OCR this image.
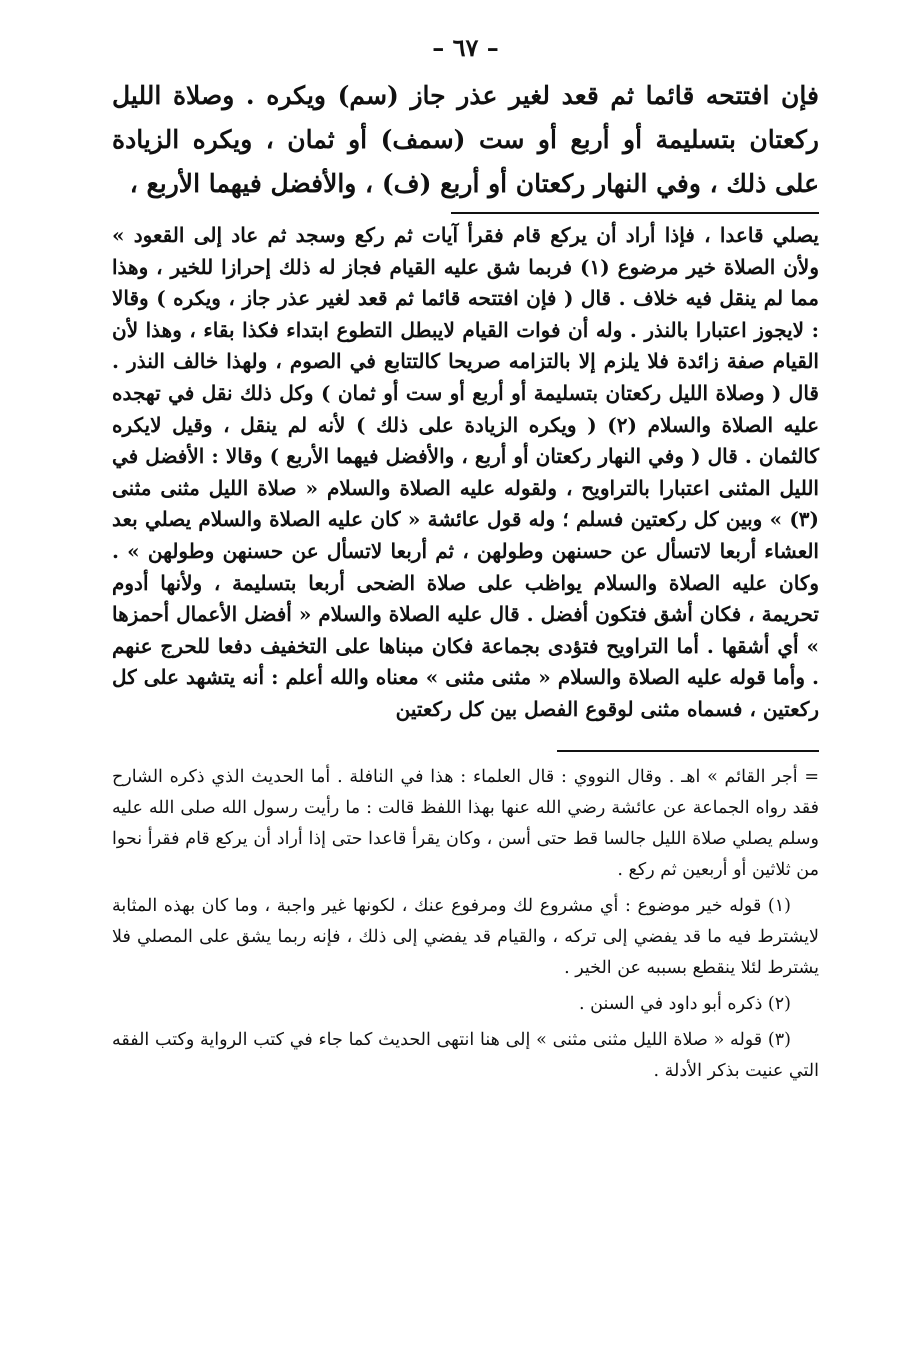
– ٦٧ –

فإن افتتحه قائما ثم قعد لغير عذر جاز (سم) ويكره . وصلاة الليل ركعتان بتسليمة أو أربع أو ست (سمف) أو ثمان ، ويكره الزيادة على ذلك ، وفي النهار ركعتان أو أربع (ف) ، والأفضل فيهما الأربع ،

يصلي قاعدا ، فإذا أراد أن يركع قام فقرأ آيات ثم ركع وسجد ثم عاد إلى القعود » ولأن الصلاة خير مرضوع (١) فربما شق عليه القيام فجاز له ذلك إحرازا للخير ، وهذا مما لم ينقل فيه خلاف . قال ( فإن افتتحه قائما ثم قعد لغير عذر جاز ، ويكره ) وقالا : لايجوز اعتبارا بالنذر . وله أن فوات القيام لايبطل التطوع ابتداء فكذا بقاء ، وهذا لأن القيام صفة زائدة فلا يلزم إلا بالتزامه صريحا كالتتابع في الصوم ، ولهذا خالف النذر . قال ( وصلاة الليل ركعتان بتسليمة أو أربع أو ست أو ثمان ) وكل ذلك نقل في تهجده عليه الصلاة والسلام (٢) ( ويكره الزيادة على ذلك ) لأنه لم ينقل ، وقيل لايكره كالثمان . قال ( وفي النهار ركعتان أو أربع ، والأفضل فيهما الأربع ) وقالا : الأفضل في الليل المثنى اعتبارا بالتراويح ، ولقوله عليه الصلاة والسلام « صلاة الليل مثنى مثنى (٣) » وبين كل ركعتين فسلم ؛ وله قول عائشة « كان عليه الصلاة والسلام يصلي بعد العشاء أربعا لاتسأل عن حسنهن وطولهن ، ثم أربعا لاتسأل عن حسنهن وطولهن » . وكان عليه الصلاة والسلام يواظب على صلاة الضحى أربعا بتسليمة ، ولأنها أدوم تحريمة ، فكان أشق فتكون أفضل . قال عليه الصلاة والسلام « أفضل الأعمال أحمزها » أي أشقها . أما التراويح فتؤدى بجماعة فكان مبناها على التخفيف دفعا للحرج عنهم . وأما قوله عليه الصلاة والسلام « مثنى مثنى » معناه والله أعلم : أنه يتشهد على كل ركعتين ، فسماه مثنى لوقوع الفصل بين كل ركعتين

= أجر القائم » اهـ . وقال النووي : قال العلماء : هذا في النافلة . أما الحديث الذي ذكره الشارح فقد رواه الجماعة عن عائشة رضي الله عنها بهذا اللفظ قالت : ما رأيت رسول الله صلى الله عليه وسلم يصلي صلاة الليل جالسا قط حتى أسن ، وكان يقرأ قاعدا حتى إذا أراد أن يركع قام فقرأ نحوا من ثلاثين أو أربعين ثم ركع .

(١) قوله خير موضوع : أي مشروع لك ومرفوع عنك ، لكونها غير واجبة ، وما كان بهذه المثابة لايشترط فيه ما قد يفضي إلى تركه ، والقيام قد يفضي إلى ذلك ، فإنه ربما يشق على المصلي فلا يشترط لئلا ينقطع بسببه عن الخير .

(٢) ذكره أبو داود في السنن .

(٣) قوله « صلاة الليل مثنى مثنى » إلى هنا انتهى الحديث كما جاء في كتب الرواية وكتب الفقه التي عنيت بذكر الأدلة .
